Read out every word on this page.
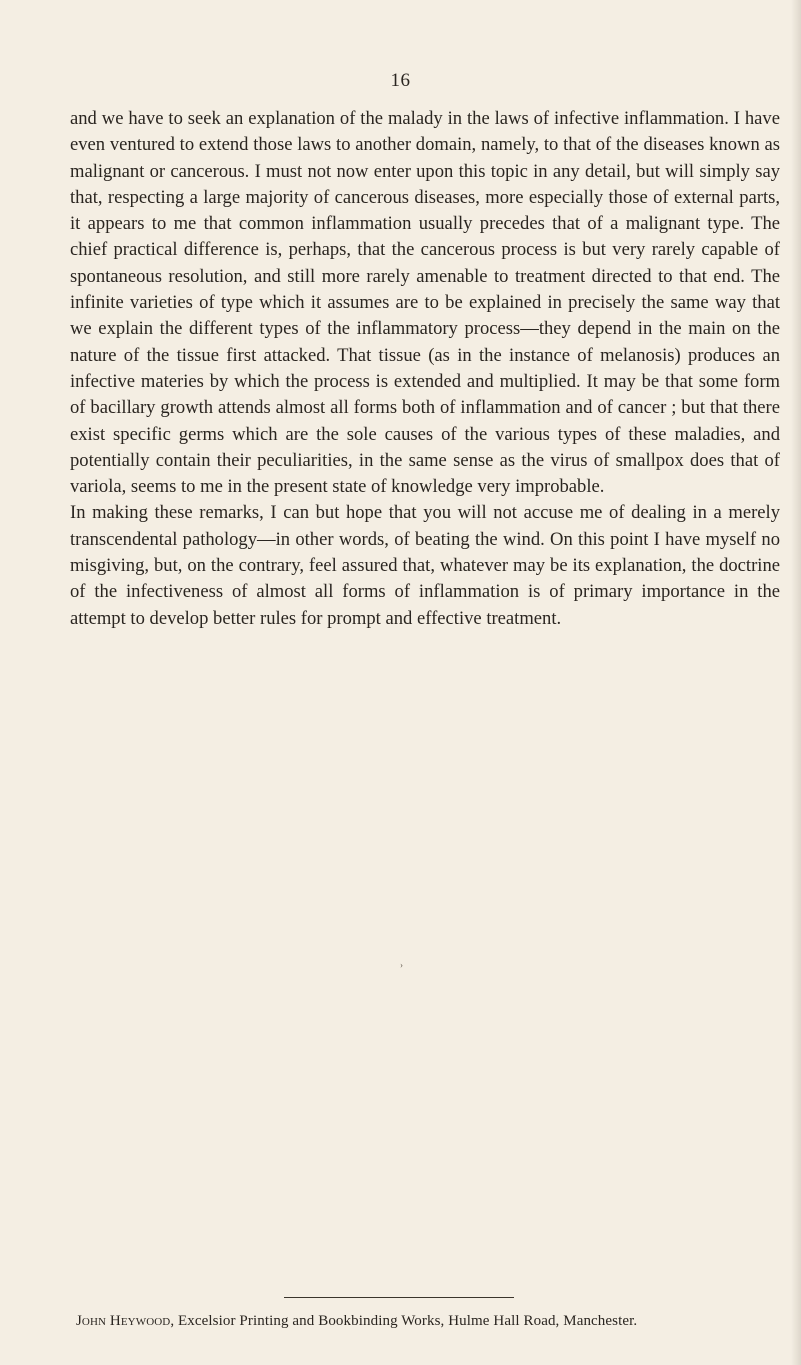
16

and we have to seek an explanation of the malady in the laws of infective inflammation. I have even ventured to extend those laws to another domain, namely, to that of the diseases known as malignant or cancerous. I must not now enter upon this topic in any detail, but will simply say that, respecting a large majority of cancerous diseases, more especially those of external parts, it appears to me that common inflammation usually precedes that of a malignant type. The chief practical difference is, perhaps, that the cancerous process is but very rarely capable of spontaneous resolution, and still more rarely amenable to treatment directed to that end. The infinite varieties of type which it assumes are to be explained in precisely the same way that we explain the different types of the inflammatory process—they depend in the main on the nature of the tissue first attacked. That tissue (as in the instance of melanosis) produces an infective materies by which the process is extended and multiplied. It may be that some form of bacillary growth attends almost all forms both of inflammation and of cancer ; but that there exist specific germs which are the sole causes of the various types of these maladies, and potentially contain their peculiarities, in the same sense as the virus of smallpox does that of variola, seems to me in the present state of knowledge very improbable.

In making these remarks, I can but hope that you will not accuse me of dealing in a merely transcendental pathology—in other words, of beating the wind. On this point I have myself no misgiving, but, on the contrary, feel assured that, whatever may be its explanation, the doctrine of the infectiveness of almost all forms of inflammation is of primary importance in the attempt to develop better rules for prompt and effective treatment.

›
John Heywood, Excelsior Printing and Bookbinding Works, Hulme Hall Road, Manchester.
